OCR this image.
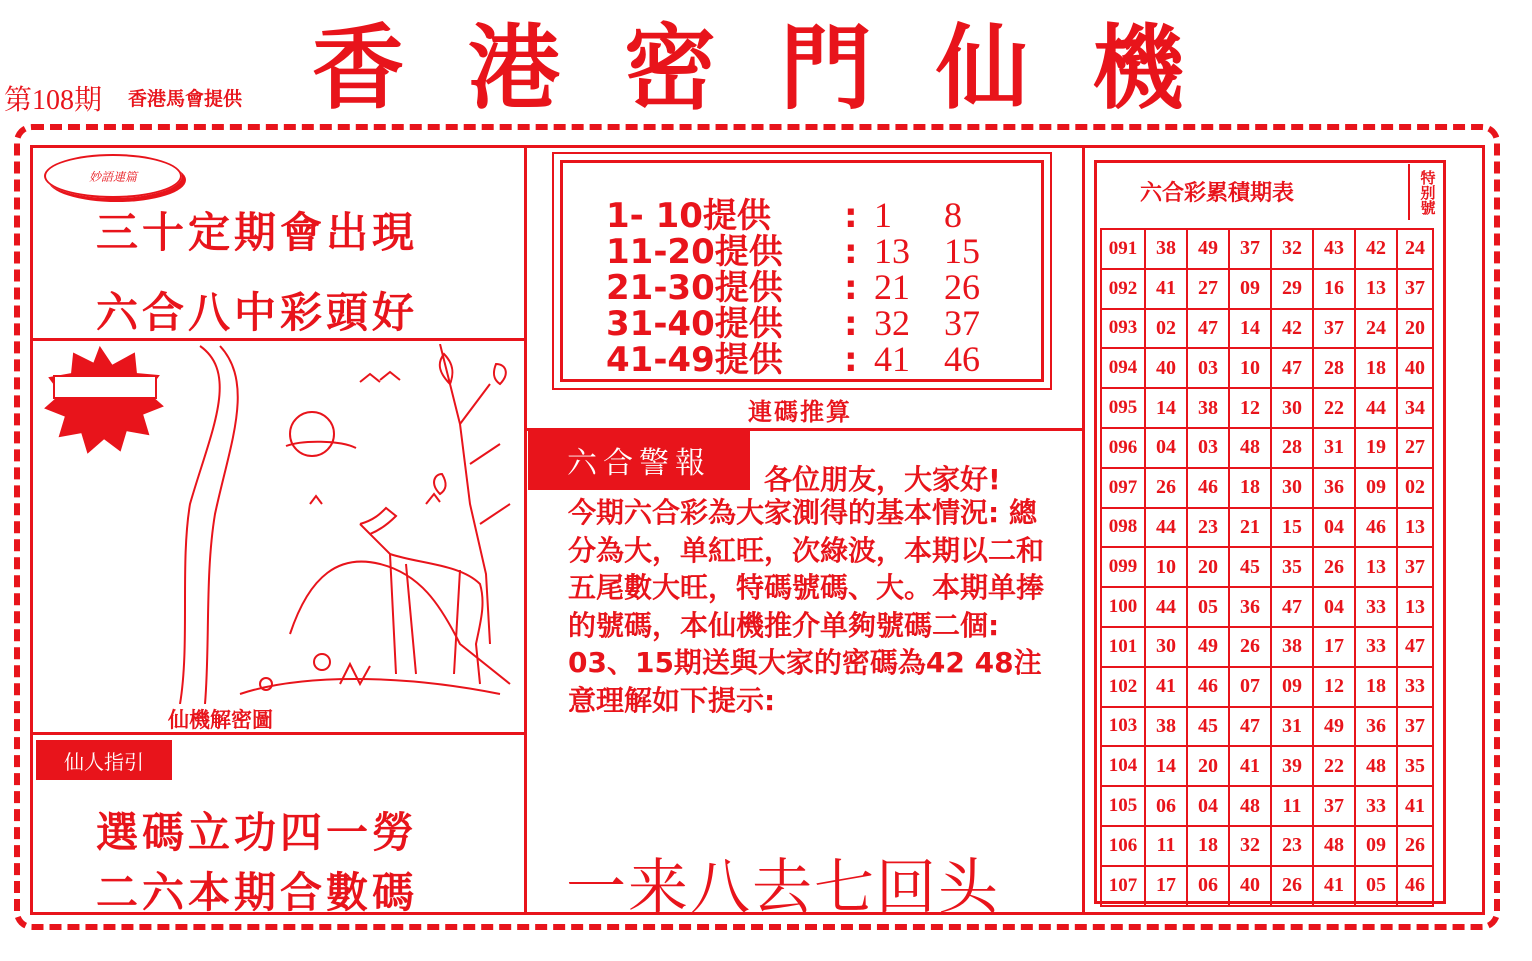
第108期 香港馬會提供 香港密門仙機
妙語連篇
三十定期會出現
六合八中彩頭好
仙機解密圖
仙人指引
選碼立功四一勞
二六本期合數碼
1- 10提供 : 1 8
11-20提供 : 13 15
21-30提供 : 21 26
31-40提供 : 32 37
41-49提供 : 41 46
連碼推算
六合警報 各位朋友，大家好!
今期六合彩為大家測得的基本情況: 總分為大，单紅旺，次綠波，本期以二和五尾數大旺，特碼號碼、大。本期单捧的號碼，本仙機推介单夠號碼二個: 03、15期送與大家的密碼為42 48注意理解如下提示:
一来八去七回头
六合彩累積期表	特别號
091	38	49	37	32	43	42	24
092	41	27	09	29	16	13	37
093	02	47	14	42	37	24	20
094	40	03	10	47	28	18	40
095	14	38	12	30	22	44	34
096	04	03	48	28	31	19	27
097	26	46	18	30	36	09	02
098	44	23	21	15	04	46	13
099	10	20	45	35	26	13	37
100	44	05	36	47	04	33	13
101	30	49	26	38	17	33	47
102	41	46	07	09	12	18	33
103	38	45	47	31	49	36	37
104	14	20	41	39	22	48	35
105	06	04	48	11	37	33	41
106	11	18	32	23	48	09	26
107	17	06	40	26	41	05	46
